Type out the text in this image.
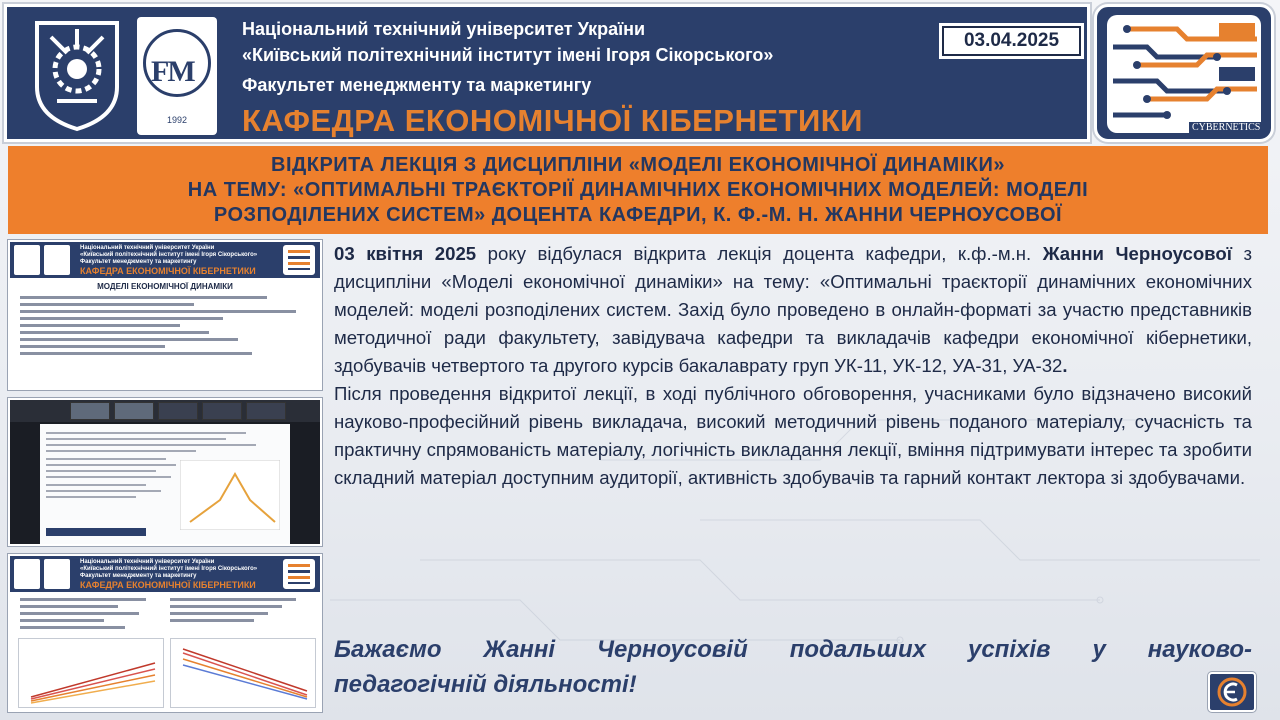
FM
1992
Національний технічний університет України
«Київський політехнічний інститут імені Ігоря Сікорського»
Факультет менеджменту та маркетингу
КАФЕДРА ЕКОНОМІЧНОЇ КІБЕРНЕТИКИ
03.04.2025
CYBERNETICS
ВІДКРИТА ЛЕКЦІЯ З ДИСЦИПЛІНИ «МОДЕЛІ ЕКОНОМІЧНОЇ ДИНАМІКИ»
НА ТЕМУ: «ОПТИМАЛЬНІ ТРАЄКТОРІЇ ДИНАМІЧНИХ ЕКОНОМІЧНИХ МОДЕЛЕЙ: МОДЕЛІ
РОЗПОДІЛЕНИХ СИСТЕМ» ДОЦЕНТА КАФЕДРИ, К. Ф.-М. Н. ЖАННИ ЧЕРНОУСОВОЇ
Національний технічний університет України
«Київський політехнічний інститут імені Ігоря Сікорського»
Факультет менеджменту та маркетингу
КАФЕДРА ЕКОНОМІЧНОЇ КІБЕРНЕТИКИ
МОДЕЛІ ЕКОНОМІЧНОЇ ДИНАМІКИ
Національний технічний університет України
«Київський політехнічний інститут імені Ігоря Сікорського»
Факультет менеджменту та маркетингу
КАФЕДРА ЕКОНОМІЧНОЇ КІБЕРНЕТИКИ

03 квітня 2025 року відбулася відкрита лекція доцента кафедри, к.ф.-м.н. Жанни Черноусової з дисципліни «Моделі економічної динаміки» на тему: «Оптимальні траєкторії динамічних економічних моделей: моделі розподілених систем. Захід було проведено в онлайн-форматі за участю представників методичної ради факультету, завідувача кафедри та викладачів кафедри економічної кібернетики, здобувачів четвертого та другого курсів бакалаврату груп УК-11, УК-12, УА-31, УА-32.

Після проведення відкритої лекції, в ході публічного обговорення, учасниками було відзначено високий науково-професійний рівень викладача, високий методичний рівень поданого матеріалу, сучасність та практичну спрямованість матеріалу, логічність викладання лекції, вміння підтримувати інтерес та зробити складний матеріал доступним аудиторії, активність здобувачів та гарний контакт лектора зі здобувачами.

Бажаємо Жанні Черноусовій подальших успіхів у науково-
педагогічній діяльності!
